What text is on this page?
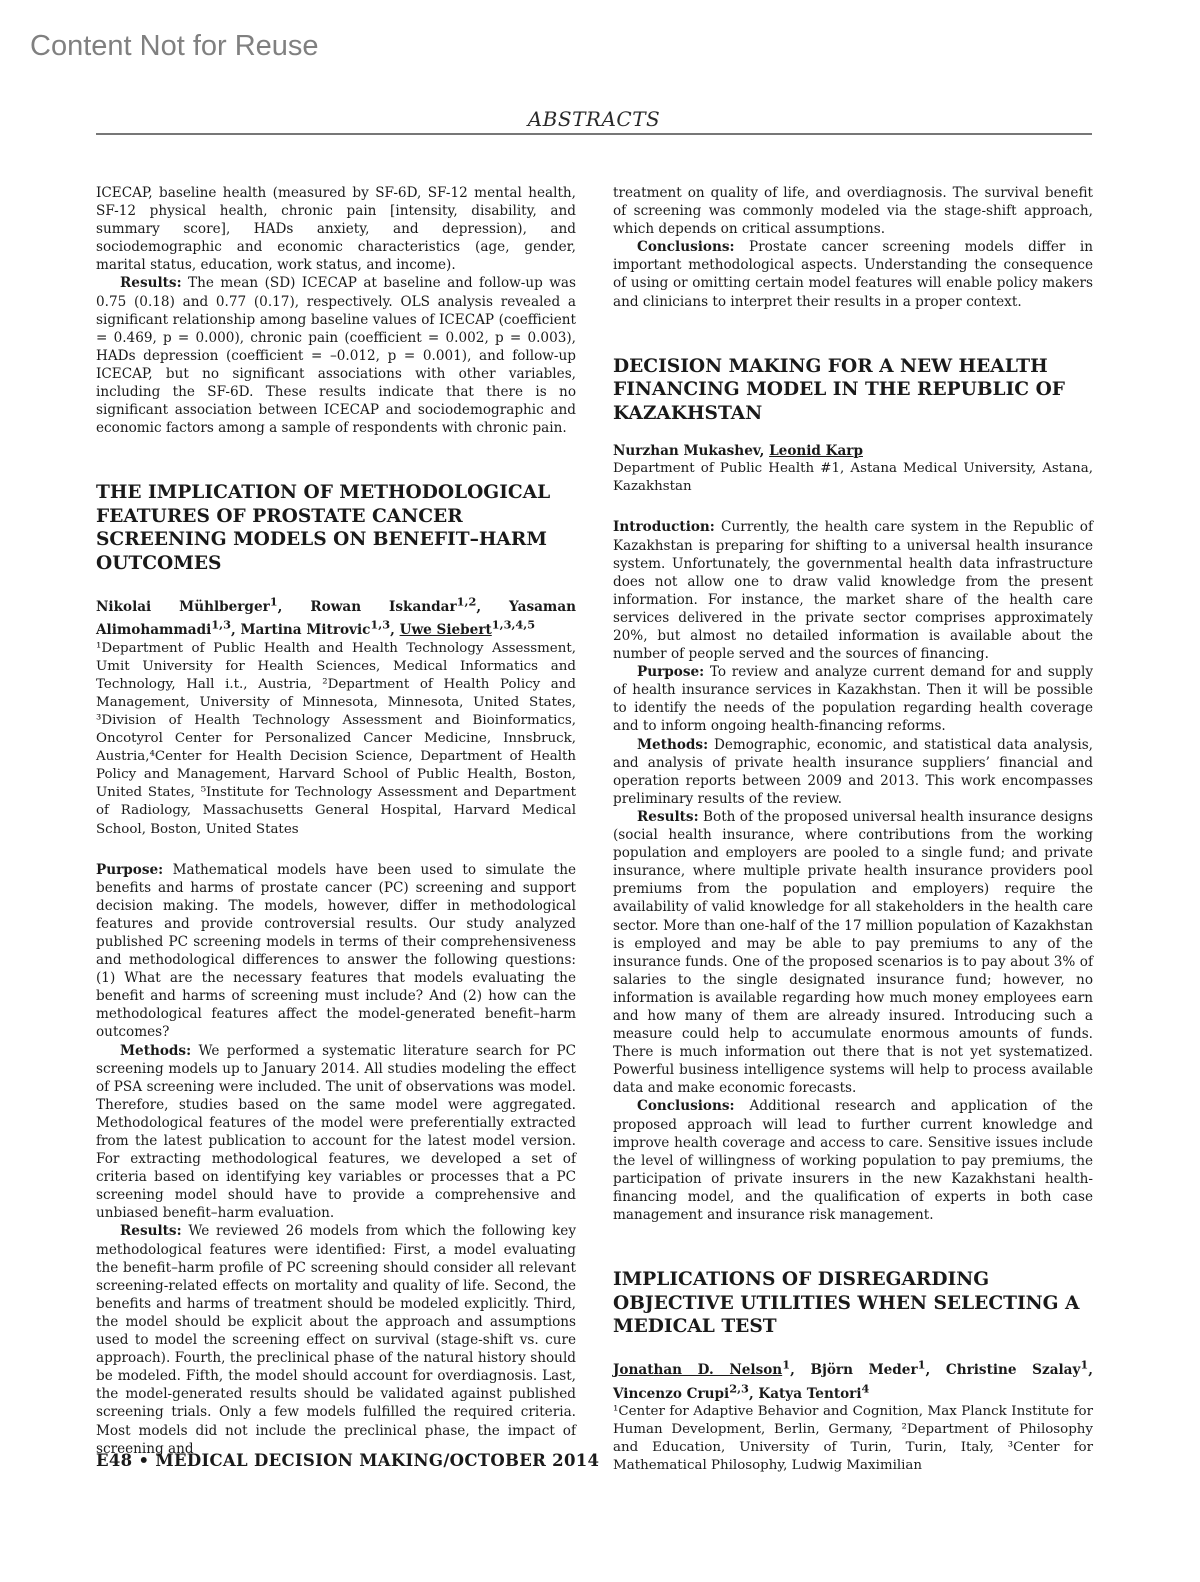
Content Not for Reuse
ABSTRACTS

ICECAP, baseline health (measured by SF-6D, SF-12 mental health, SF-12 physical health, chronic pain [intensity, disability, and summary score], HADs anxiety, and depression), and sociodemographic and economic characteristics (age, gender, marital status, education, work status, and income).

Results: The mean (SD) ICECAP at baseline and follow-up was 0.75 (0.18) and 0.77 (0.17), respectively. OLS analysis revealed a significant relationship among baseline values of ICECAP (coefficient = 0.469, p = 0.000), chronic pain (coefficient = 0.002, p = 0.003), HADs depression (coefficient = –0.012, p = 0.001), and follow-up ICECAP, but no significant associations with other variables, including the SF-6D. These results indicate that there is no significant association between ICECAP and sociodemographic and economic factors among a sample of respondents with chronic pain.

THE IMPLICATION OF METHODOLOGICAL FEATURES OF PROSTATE CANCER SCREENING MODELS ON BENEFIT–HARM OUTCOMES

Nikolai Mühlberger$^1$, Rowan Iskandar$^{1,2}$, Yasaman Alimohammadi$^{1,3}$, Martina Mitrovic$^{1,3}$, Uwe Siebert$^{1,3,4,5}$

¹Department of Public Health and Health Technology Assessment, Umit University for Health Sciences, Medical Informatics and Technology, Hall i.t., Austria, ²Department of Health Policy and Management, University of Minnesota, Minnesota, United States, ³Division of Health Technology Assessment and Bioinformatics, Oncotyrol Center for Personalized Cancer Medicine, Innsbruck, Austria,⁴Center for Health Decision Science, Department of Health Policy and Management, Harvard School of Public Health, Boston, United States, ⁵Institute for Technology Assessment and Department of Radiology, Massachusetts General Hospital, Harvard Medical School, Boston, United States

Purpose: Mathematical models have been used to simulate the benefits and harms of prostate cancer (PC) screening and support decision making. The models, however, differ in methodological features and provide controversial results. Our study analyzed published PC screening models in terms of their comprehensiveness and methodological differences to answer the following questions: (1) What are the necessary features that models evaluating the benefit and harms of screening must include? And (2) how can the methodological features affect the model-generated benefit–harm outcomes?

Methods: We performed a systematic literature search for PC screening models up to January 2014. All studies modeling the effect of PSA screening were included. The unit of observations was model. Therefore, studies based on the same model were aggregated. Methodological features of the model were preferentially extracted from the latest publication to account for the latest model version. For extracting methodological features, we developed a set of criteria based on identifying key variables or processes that a PC screening model should have to provide a comprehensive and unbiased benefit–harm evaluation.

Results: We reviewed 26 models from which the following key methodological features were identified: First, a model evaluating the benefit–harm profile of PC screening should consider all relevant screening-related effects on mortality and quality of life. Second, the benefits and harms of treatment should be modeled explicitly. Third, the model should be explicit about the approach and assumptions used to model the screening effect on survival (stage-shift vs. cure approach). Fourth, the preclinical phase of the natural history should be modeled. Fifth, the model should account for overdiagnosis. Last, the model-generated results should be validated against published screening trials. Only a few models fulfilled the required criteria. Most models did not include the preclinical phase, the impact of screening and

treatment on quality of life, and overdiagnosis. The survival benefit of screening was commonly modeled via the stage-shift approach, which depends on critical assumptions.

Conclusions: Prostate cancer screening models differ in important methodological aspects. Understanding the consequence of using or omitting certain model features will enable policy makers and clinicians to interpret their results in a proper context.

DECISION MAKING FOR A NEW HEALTH FINANCING MODEL IN THE REPUBLIC OF KAZAKHSTAN

Nurzhan Mukashev, Leonid Karp

Department of Public Health #1, Astana Medical University, Astana, Kazakhstan

Introduction: Currently, the health care system in the Republic of Kazakhstan is preparing for shifting to a universal health insurance system. Unfortunately, the governmental health data infrastructure does not allow one to draw valid knowledge from the present information. For instance, the market share of the health care services delivered in the private sector comprises approximately 20%, but almost no detailed information is available about the number of people served and the sources of financing.

Purpose: To review and analyze current demand for and supply of health insurance services in Kazakhstan. Then it will be possible to identify the needs of the population regarding health coverage and to inform ongoing health-financing reforms.

Methods: Demographic, economic, and statistical data analysis, and analysis of private health insurance suppliers’ financial and operation reports between 2009 and 2013. This work encompasses preliminary results of the review.

Results: Both of the proposed universal health insurance designs (social health insurance, where contributions from the working population and employers are pooled to a single fund; and private insurance, where multiple private health insurance providers pool premiums from the population and employers) require the availability of valid knowledge for all stakeholders in the health care sector. More than one-half of the 17 million population of Kazakhstan is employed and may be able to pay premiums to any of the insurance funds. One of the proposed scenarios is to pay about 3% of salaries to the single designated insurance fund; however, no information is available regarding how much money employees earn and how many of them are already insured. Introducing such a measure could help to accumulate enormous amounts of funds. There is much information out there that is not yet systematized. Powerful business intelligence systems will help to process available data and make economic forecasts.

Conclusions: Additional research and application of the proposed approach will lead to further current knowledge and improve health coverage and access to care. Sensitive issues include the level of willingness of working population to pay premiums, the participation of private insurers in the new Kazakhstani health-financing model, and the qualification of experts in both case management and insurance risk management.

IMPLICATIONS OF DISREGARDING OBJECTIVE UTILITIES WHEN SELECTING A MEDICAL TEST

Jonathan D. Nelson$^1$, Björn Meder$^1$, Christine Szalay$^1$, Vincenzo Crupi$^{2,3}$, Katya Tentori$^4$

¹Center for Adaptive Behavior and Cognition, Max Planck Institute for Human Development, Berlin, Germany, ²Department of Philosophy and Education, University of Turin, Turin, Italy, ³Center for Mathematical Philosophy, Ludwig Maximilian

E48 • MEDICAL DECISION MAKING/OCTOBER 2014
